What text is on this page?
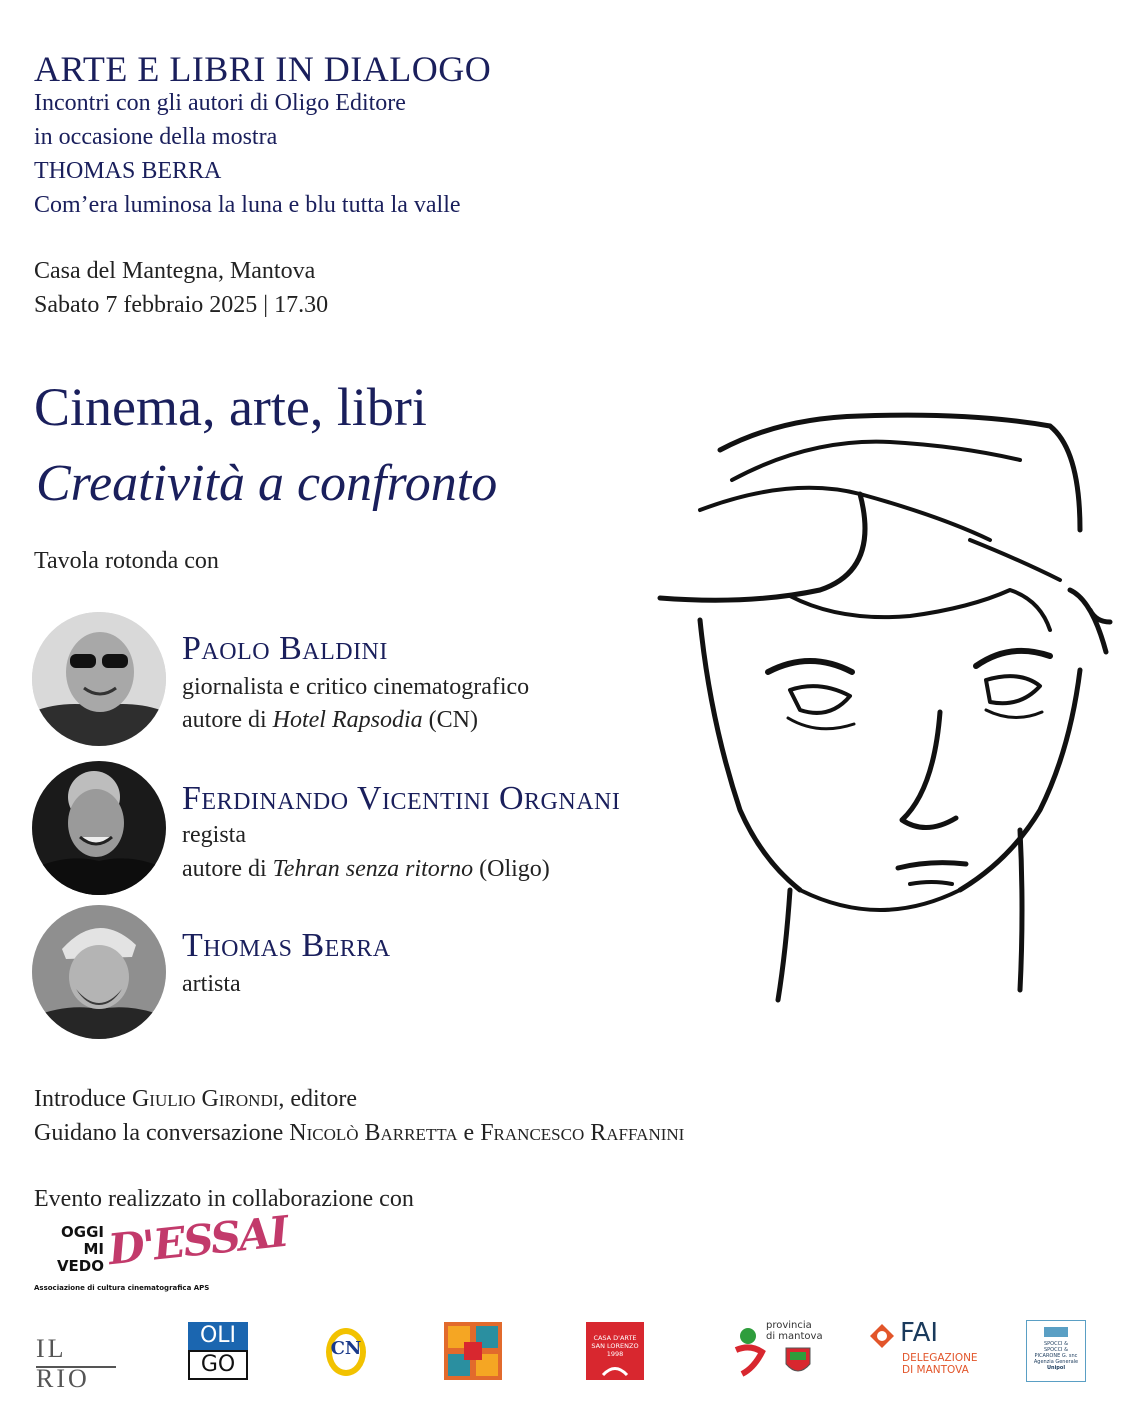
ARTE E LIBRI IN DIALOGO
Incontri con gli autori di Oligo Editore
in occasione della mostra
THOMAS BERRA
Com’era luminosa la luna e blu tutta la valle
Casa del Mantegna, Mantova
Sabato 7 febbraio 2025 | 17.30
Cinema, arte, libri
Creatività a confronto
Tavola rotonda con
Paolo Baldini
giornalista e critico cinematografico
autore di Hotel Rapsodia (CN)
Ferdinando Vicentini Orgnani
regista
autore di Tehran senza ritorno (Oligo)
Thomas Berra
artista
Introduce Giulio Girondi, editore
Guidano la conversazione Nicolò Barretta e Francesco Raffanini
Evento realizzato in collaborazione con
OGGI
MI
VEDO D'ESSAI
Associazione di cultura cinematografica APS
IL RIO
OLI
GO
CN	CASA D'ARTE
SAN LORENZO
1998
provincia
di mantova	FAI
DELEGAZIONE
DI MANTOVA
SPOCCI &
SPOCCI &
PICARONE G. snc
Agenzia Generale
Unipol
